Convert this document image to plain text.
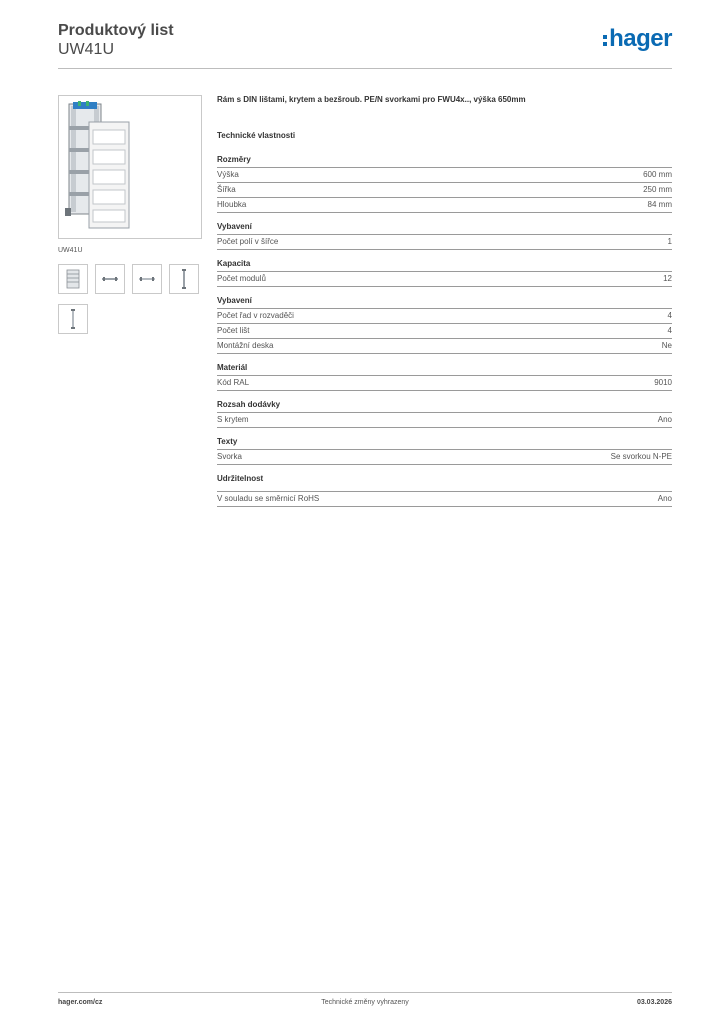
Produktový list
UW41U	hager
UW41U
Rám s DIN lištami, krytem a bezšroub. PE/N svorkami pro FWU4x.., výška 650mm
Technické vlastnosti
Rozměry
Výška	600 mm
Šířka	250 mm
Hloubka	84 mm
Vybavení
Počet polí v šířce	1
Kapacita
Počet modulů	12
Vybavení
Počet řad v rozvaděči	4
Počet lišt	4
Montážní deska	Ne
Materiál
Kód RAL	9010
Rozsah dodávky
S krytem	Ano
Texty
Svorka	Se svorkou N-PE
Udržitelnost
V souladu se směrnicí RoHS	Ano
Technické změny vyhrazeny
hager.com/cz	03.03.2026
